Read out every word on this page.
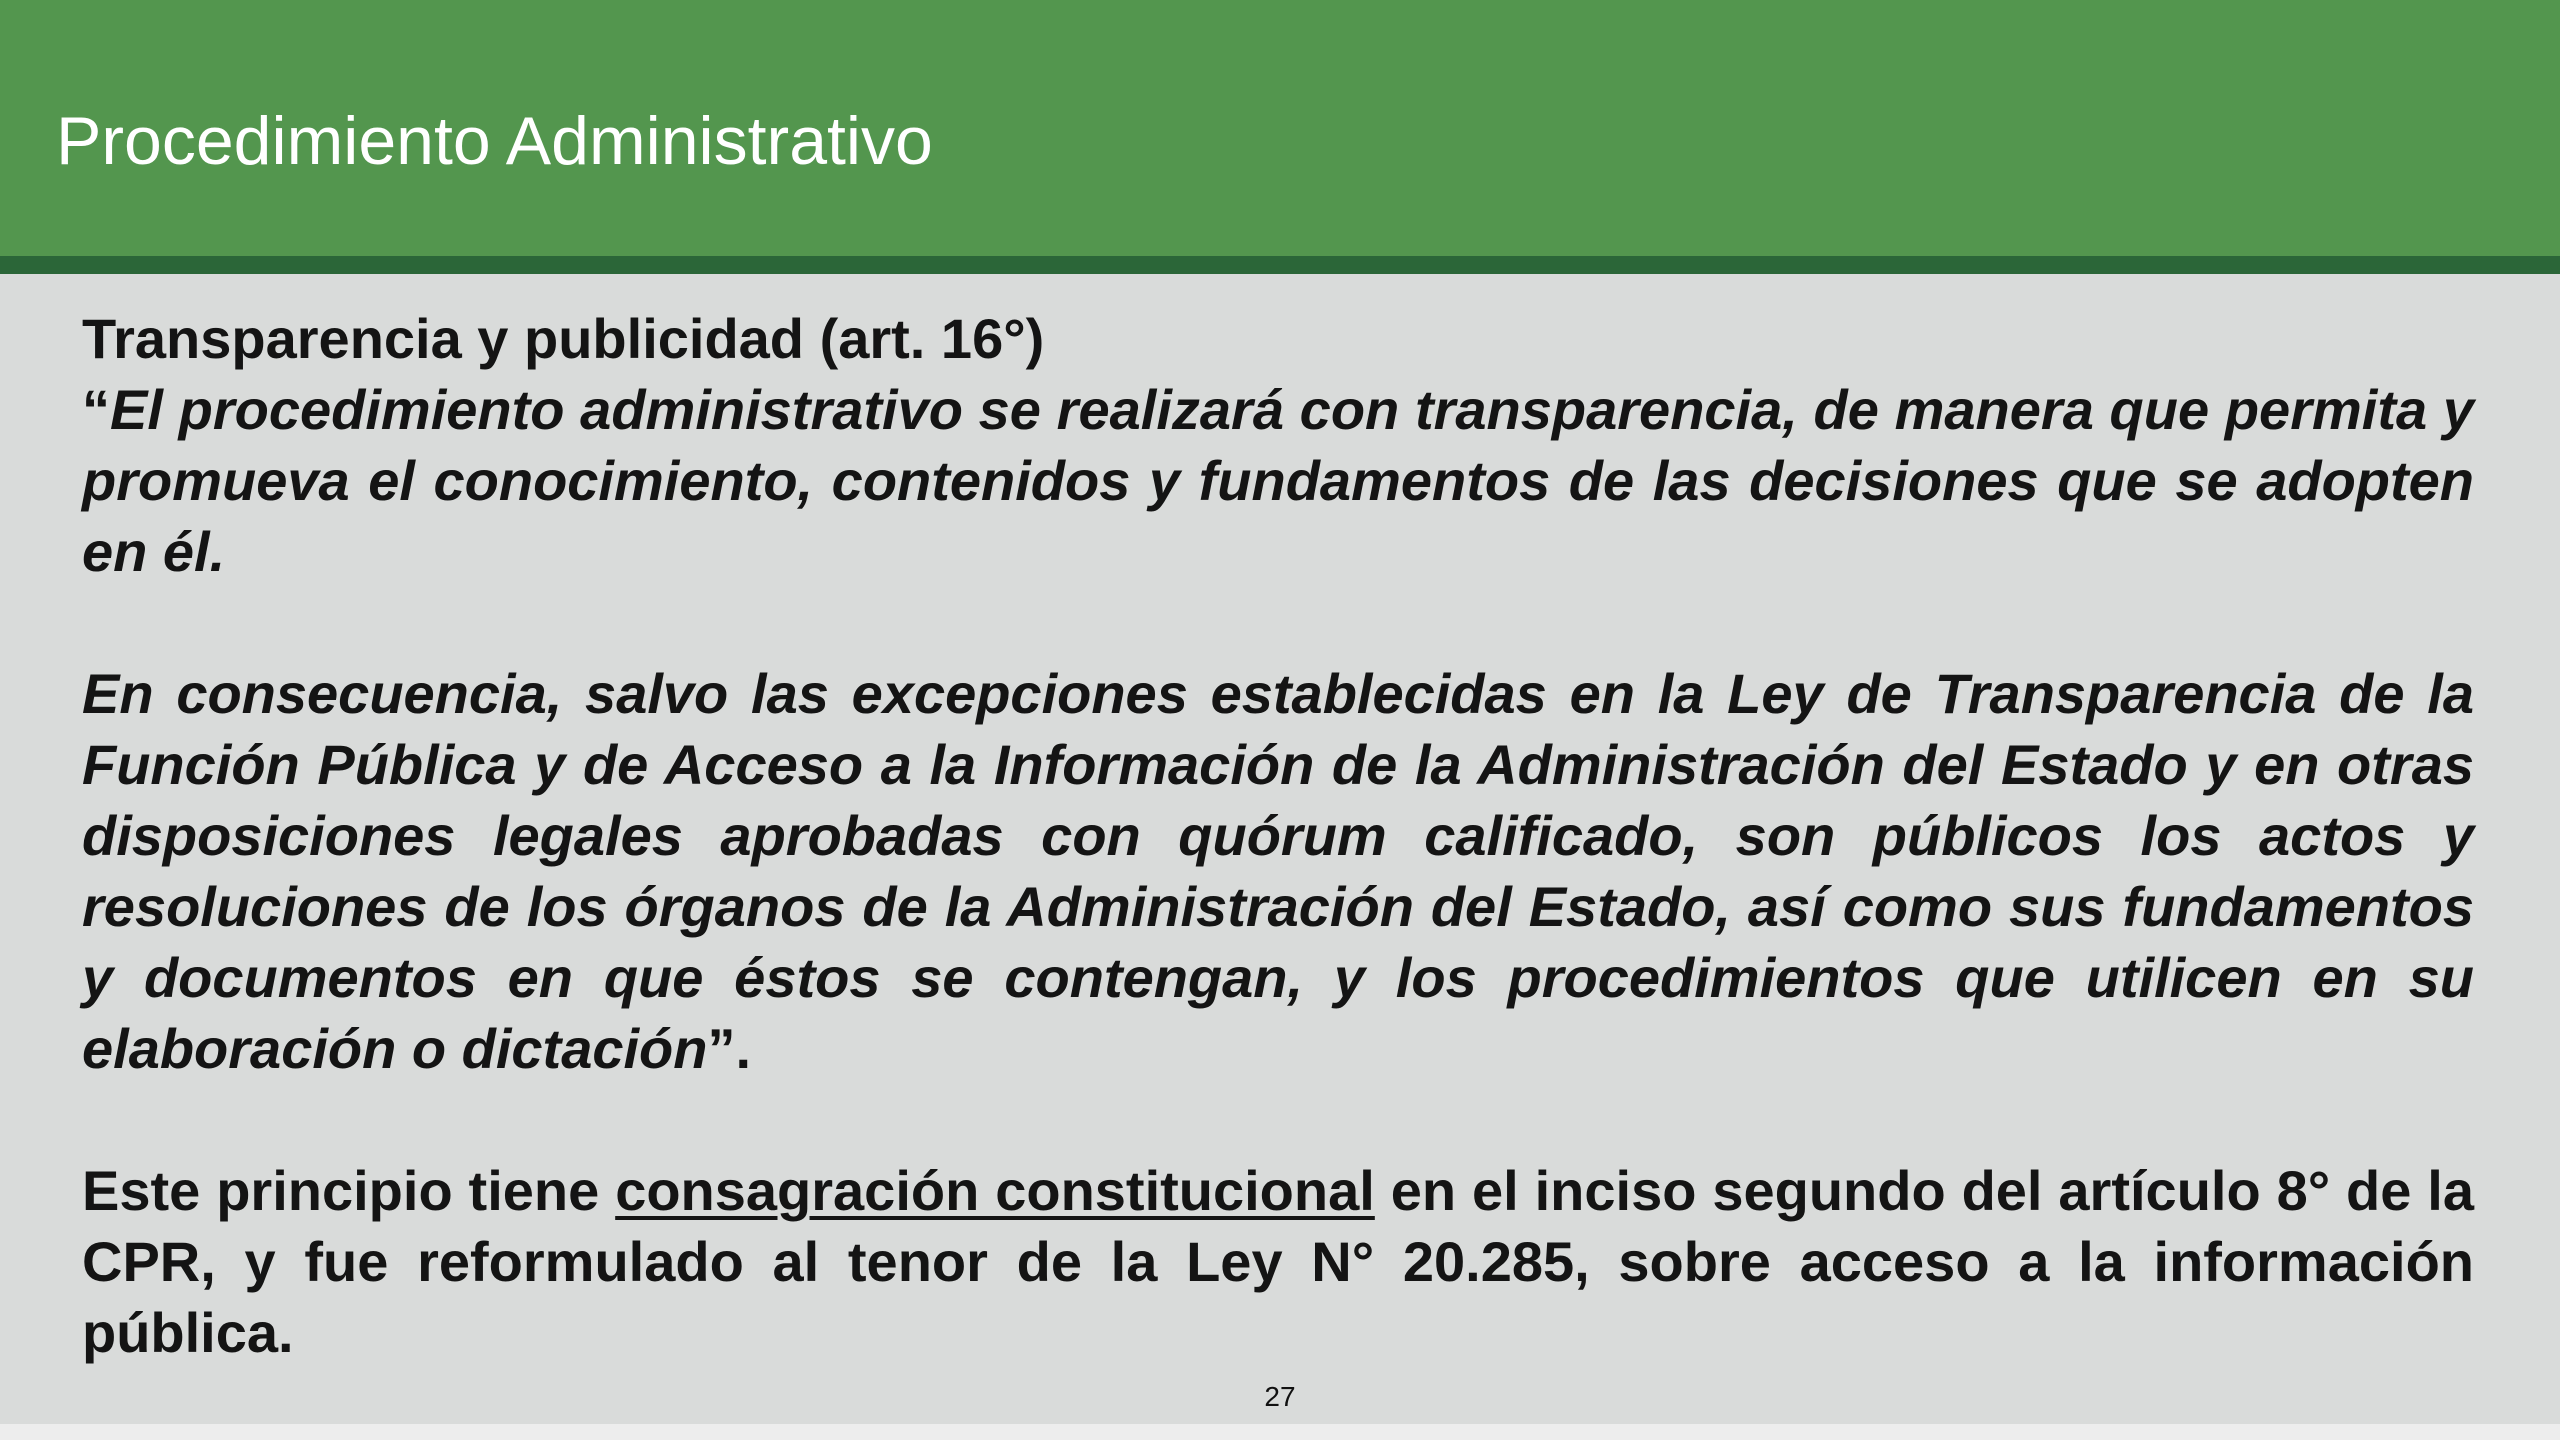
Procedimiento Administrativo

Transparencia y publicidad (art. 16°)

“El procedimiento administrativo se realizará con transparencia, de manera que permita y promueva el conocimiento, contenidos y fundamentos de las decisiones que se adopten en él.

En consecuencia, salvo las excepciones establecidas en la Ley de Transparencia de la Función Pública y de Acceso a la Información de la Administración del Estado y en otras disposiciones legales aprobadas con quórum calificado, son públicos los actos y resoluciones de los órganos de la Administración del Estado, así como sus fundamentos y documentos en que éstos se contengan, y los procedimientos que utilicen en su elaboración o dictación”.

Este principio tiene consagración constitucional en el inciso segundo del artículo 8° de la CPR, y fue reformulado al tenor de la Ley N° 20.285, sobre acceso a la información pública.

27
